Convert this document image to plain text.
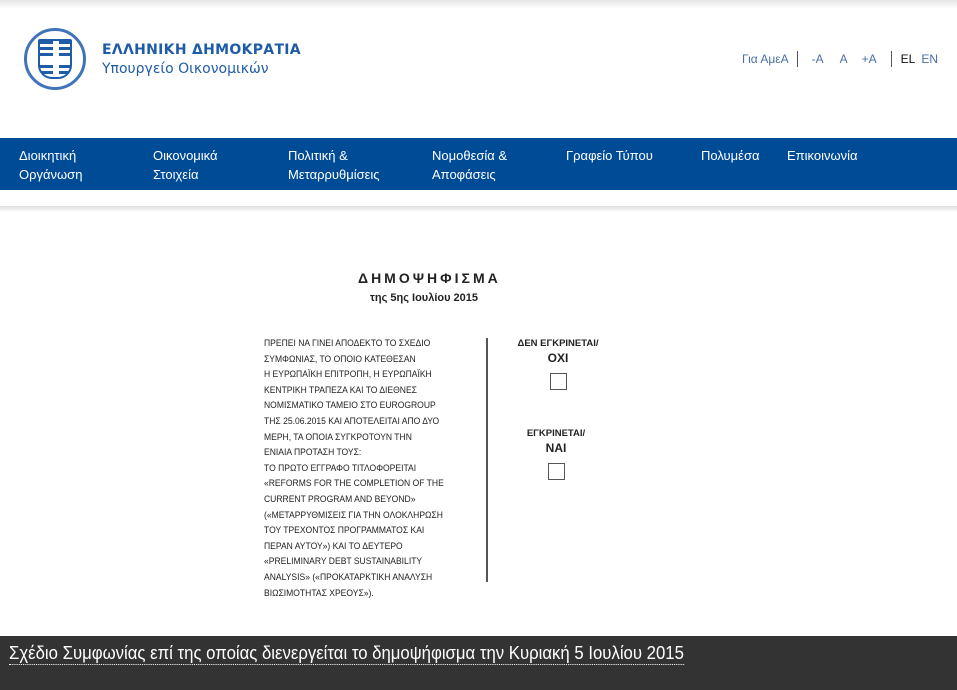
ΕΛΛΗΝΙΚΗ ΔΗΜΟΚΡΑΤΙΑ
Υπουργείο Οικονομικών
Για ΑμεΑ -A A +A EL EN
Διοικητική
Οργάνωση
Οικονομικά
Στοιχεία
Πολιτική &
Μεταρρυθμίσεις
Νομοθεσία &
Αποφάσεις
Γραφείο Τύπου	Πολυμέσα Επικοινωνία
ΔΗΜΟΨΗΦΙΣΜΑ
της 5ης Ιουλίου 2015
ΠΡΕΠΕΙ ΝΑ ΓΙΝΕΙ ΑΠΟΔΕΚΤΟ ΤΟ ΣΧΕΔΙΟ
ΣΥΜΦΩΝΙΑΣ, ΤΟ ΟΠΟΙΟ ΚΑΤΕΘΕΣΑΝ
Η ΕΥΡΩΠΑΪΚΗ ΕΠΙΤΡΟΠΗ, Η ΕΥΡΩΠΑΪΚΗ
ΚΕΝΤΡΙΚΗ ΤΡΑΠΕΖΑ ΚΑΙ ΤΟ ΔΙΕΘΝΕΣ
ΝΟΜΙΣΜΑΤΙΚΟ ΤΑΜΕΙΟ ΣΤΟ EUROGROUP
ΤΗΣ 25.06.2015 ΚΑΙ ΑΠΟΤΕΛΕΙΤΑΙ ΑΠΟ ΔΥΟ
ΜΕΡΗ, ΤΑ ΟΠΟΙΑ ΣΥΓΚΡΟΤΟΥΝ ΤΗΝ
ΕΝΙΑΙΑ ΠΡΟΤΑΣΗ ΤΟΥΣ:
ΤΟ ΠΡΩΤΟ ΕΓΓΡΑΦΟ ΤΙΤΛΟΦΟΡΕΙΤΑΙ
«REFORMS FOR THE COMPLETION OF THE
CURRENT PROGRAM AND BEYOND»
(«ΜΕΤΑΡΡΥΘΜΙΣΕΙΣ ΓΙΑ ΤΗΝ ΟΛΟΚΛΗΡΩΣΗ
ΤΟΥ ΤΡΕΧΟΝΤΟΣ ΠΡΟΓΡΑΜΜΑΤΟΣ ΚΑΙ
ΠΕΡΑΝ ΑΥΤΟΥ») ΚΑΙ ΤΟ ΔΕΥΤΕΡΟ
«PRELIMINARY DEBT SUSTAINABILITY
ANALYSIS» («ΠΡΟΚΑΤΑΡΚΤΙΚΗ ΑΝΑΛΥΣΗ
ΒΙΩΣΙΜΟΤΗΤΑΣ ΧΡΕΟΥΣ»).
ΔΕΝ ΕΓΚΡΙΝΕΤΑΙ/
ΟΧΙ
ΕΓΚΡΙΝΕΤΑΙ/
ΝΑΙ
Σχέδιο Συμφωνίας επί της οποίας διενεργείται το δημοψήφισμα την Κυριακή 5 Ιουλίου 2015
